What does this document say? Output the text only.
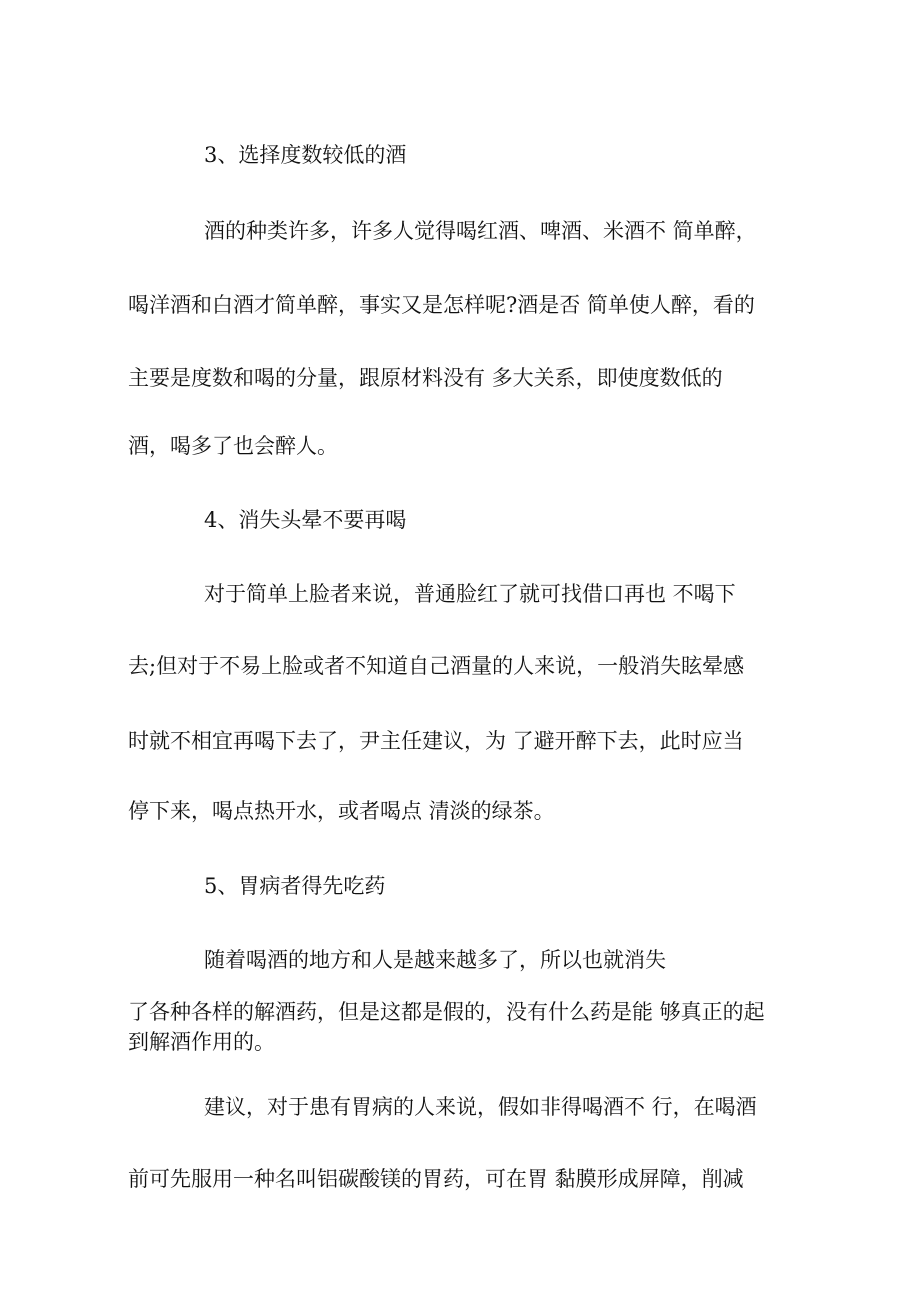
3、选择度数较低的酒
酒的种类许多，许多人觉得喝红酒、啤酒、米酒不 简单醉，
喝洋酒和白酒才简单醉，事实又是怎样呢?酒是否 简单使人醉，看的
主要是度数和喝的分量，跟原材料没有 多大关系，即使度数低的
酒，喝多了也会醉人。
4、消失头晕不要再喝
对于简单上脸者来说，普通脸红了就可找借口再也 不喝下
去;但对于不易上脸或者不知道自己酒量的人来说，一般消失眩晕感
时就不相宜再喝下去了，尹主任建议，为 了避开醉下去，此时应当
停下来，喝点热开水，或者喝点 清淡的绿茶。
5、胃病者得先吃药
随着喝酒的地方和人是越来越多了，所以也就消失
了各种各样的解酒药，但是这都是假的，没有什么药是能 够真正的起
到解酒作用的。
建议，对于患有胃病的人来说，假如非得喝酒不 行，在喝酒
前可先服用一种名叫铝碳酸镁的胃药，可在胃 黏膜形成屏障，削减
